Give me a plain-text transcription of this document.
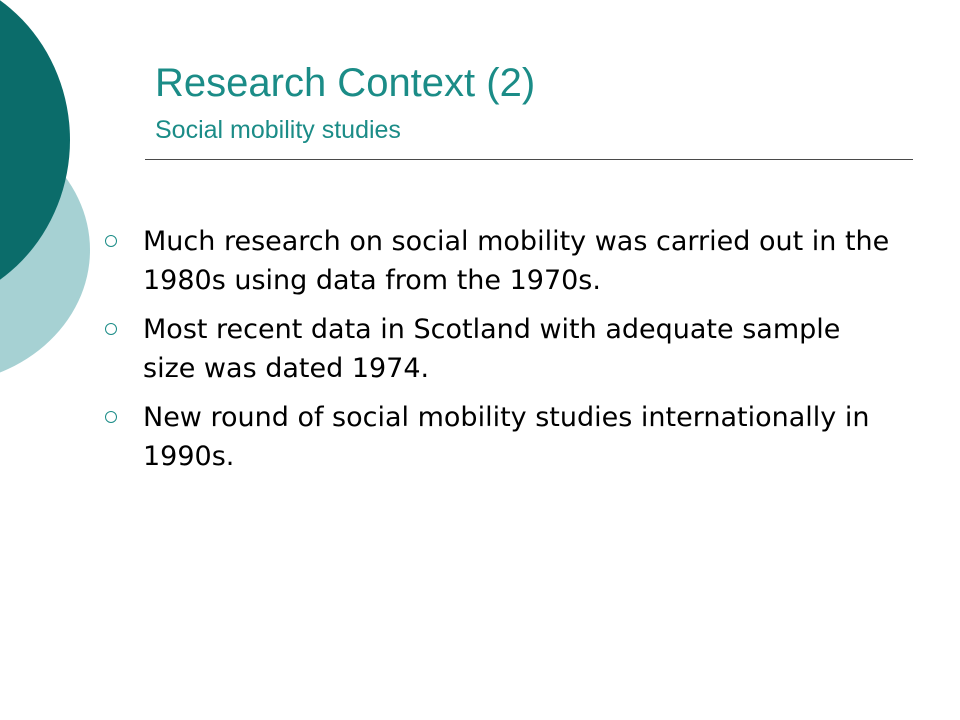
Research Context (2)
Social mobility studies
Much research on social mobility was carried out in the 1980s using data from the 1970s.
Most recent data in Scotland with adequate sample size was dated 1974.
New round of social mobility studies internationally in 1990s.
